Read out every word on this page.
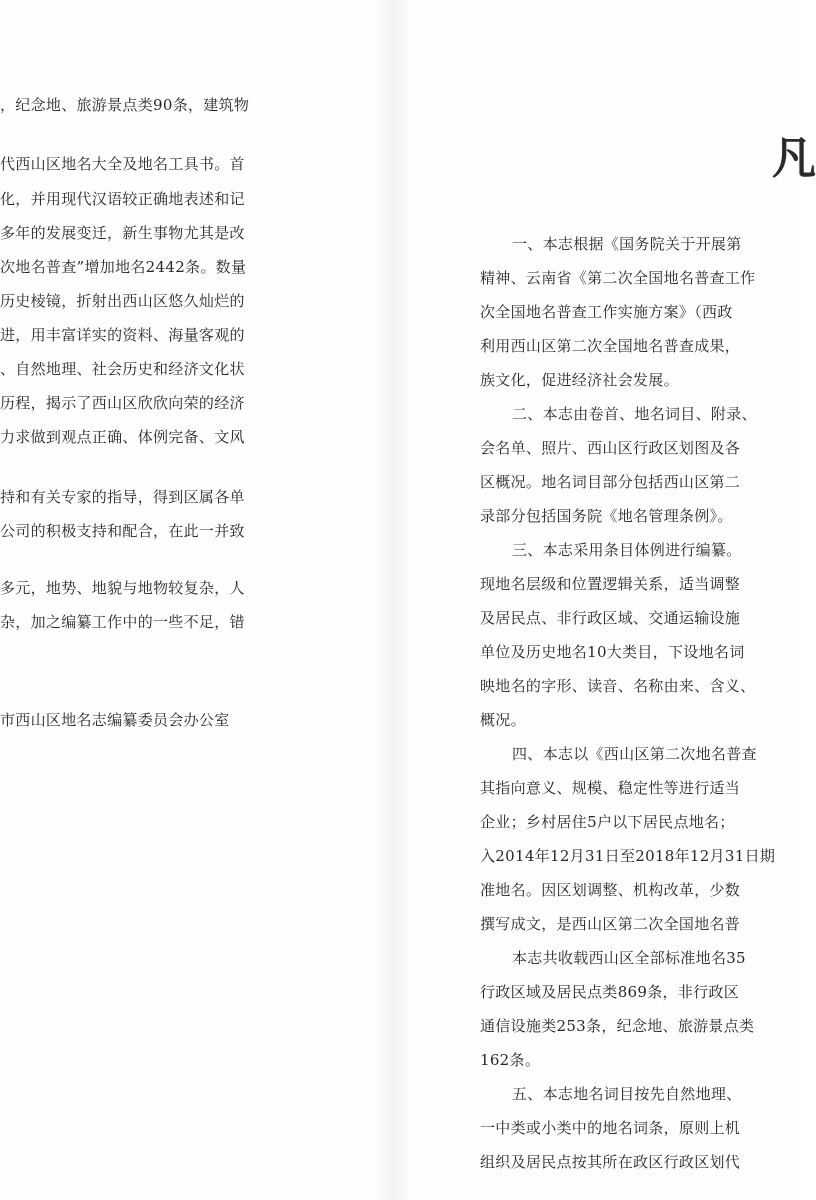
，纪念地、旅游景点类90条，建筑物
代西山区地名大全及地名工具书。首
化，并用现代汉语较正确地表述和记
多年的发展变迁，新生事物尤其是改
次地名普查”增加地名2442条。数量
历史棱镜，折射出西山区悠久灿烂的
进，用丰富详实的资料、海量客观的
、自然地理、社会历史和经济文化状
历程，揭示了西山区欣欣向荣的经济
力求做到观点正确、体例完备、文风
持和有关专家的指导，得到区属各单
公司的积极支持和配合，在此一并致
多元，地势、地貌与地物较复杂，人
杂，加之编纂工作中的一些不足，错
市西山区地名志编纂委员会办公室
凡
一、本志根据《国务院关于开展第
精神、云南省《第二次全国地名普查工作
次全国地名普查工作实施方案》（西政
利用西山区第二次全国地名普查成果，
族文化，促进经济社会发展。
二、本志由卷首、地名词目、附录、
会名单、照片、西山区行政区划图及各
区概况。地名词目部分包括西山区第二
录部分包括国务院《地名管理条例》。
三、本志采用条目体例进行编纂。
现地名层级和位置逻辑关系，适当调整
及居民点、非行政区域、交通运输设施
单位及历史地名10大类目，下设地名词
映地名的字形、读音、名称由来、含义、
概况。
四、本志以《西山区第二次地名普查
其指向意义、规模、稳定性等进行适当
企业；乡村居住5户以下居民点地名；
入2014年12月31日至2018年12月31日期
准地名。因区划调整、机构改革，少数
撰写成文，是西山区第二次全国地名普
本志共收载西山区全部标准地名35
行政区域及居民点类869条，非行政区
通信设施类253条，纪念地、旅游景点类
162条。
五、本志地名词目按先自然地理、
一中类或小类中的地名词条，原则上机
组织及居民点按其所在政区行政区划代
